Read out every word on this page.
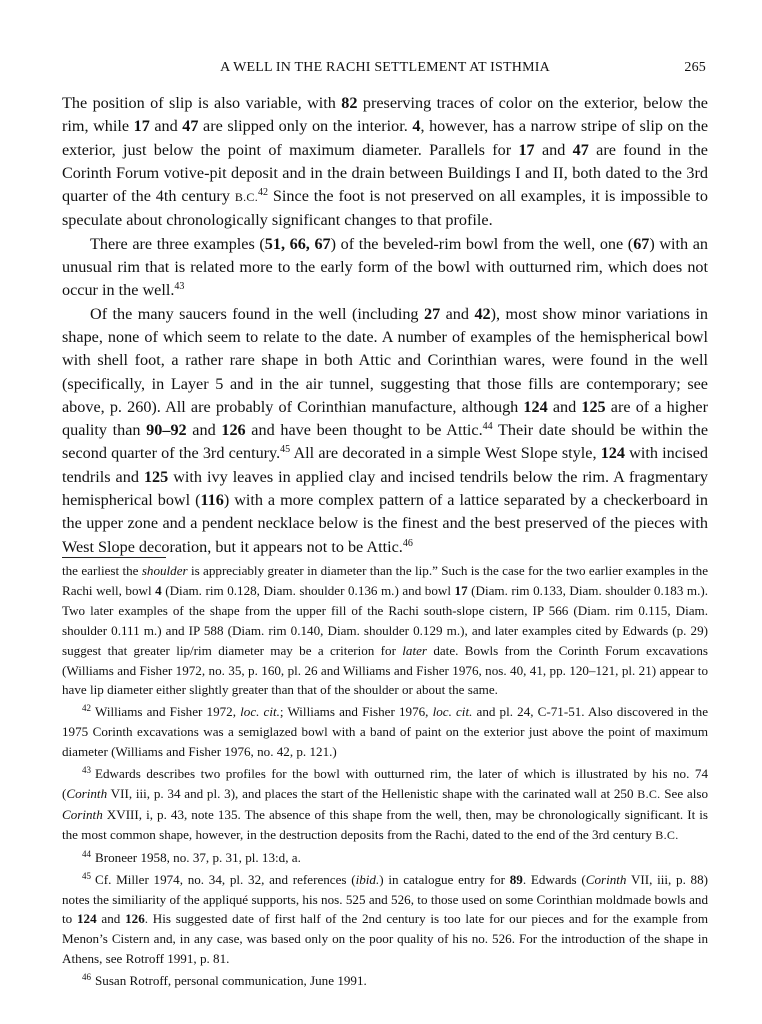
A WELL IN THE RACHI SETTLEMENT AT ISTHMIA	265

The position of slip is also variable, with 82 preserving traces of color on the exterior, below the rim, while 17 and 47 are slipped only on the interior. 4, however, has a narrow stripe of slip on the exterior, just below the point of maximum diameter. Parallels for 17 and 47 are found in the Corinth Forum votive-pit deposit and in the drain between Buildings I and II, both dated to the 3rd quarter of the 4th century B.C.$^{42}$ Since the foot is not preserved on all examples, it is impossible to speculate about chronologically significant changes to that profile.

There are three examples (51, 66, 67) of the beveled-rim bowl from the well, one (67) with an unusual rim that is related more to the early form of the bowl with outturned rim, which does not occur in the well.$^{43}$

Of the many saucers found in the well (including 27 and 42), most show minor variations in shape, none of which seem to relate to the date. A number of examples of the hemispherical bowl with shell foot, a rather rare shape in both Attic and Corinthian wares, were found in the well (specifically, in Layer 5 and in the air tunnel, suggesting that those fills are contemporary; see above, p. 260). All are probably of Corinthian manufacture, although 124 and 125 are of a higher quality than 90–92 and 126 and have been thought to be Attic.$^{44}$ Their date should be within the second quarter of the 3rd century.$^{45}$ All are decorated in a simple West Slope style, 124 with incised tendrils and 125 with ivy leaves in applied clay and incised tendrils below the rim. A fragmentary hemispherical bowl (116) with a more complex pattern of a lattice separated by a checkerboard in the upper zone and a pendent necklace below is the finest and the best preserved of the pieces with West Slope decoration, but it appears not to be Attic.$^{46}$

the earliest the shoulder is appreciably greater in diameter than the lip.” Such is the case for the two earlier examples in the Rachi well, bowl 4 (Diam. rim 0.128, Diam. shoulder 0.136 m.) and bowl 17 (Diam. rim 0.133, Diam. shoulder 0.183 m.). Two later examples of the shape from the upper fill of the Rachi south-slope cistern, IP 566 (Diam. rim 0.115, Diam. shoulder 0.111 m.) and IP 588 (Diam. rim 0.140, Diam. shoulder 0.129 m.), and later examples cited by Edwards (p. 29) suggest that greater lip/rim diameter may be a criterion for later date. Bowls from the Corinth Forum excavations (Williams and Fisher 1972, no. 35, p. 160, pl. 26 and Williams and Fisher 1976, nos. 40, 41, pp. 120–121, pl. 21) appear to have lip diameter either slightly greater than that of the shoulder or about the same.

$^{42}$ Williams and Fisher 1972, loc. cit.; Williams and Fisher 1976, loc. cit. and pl. 24, C-71-51. Also discovered in the 1975 Corinth excavations was a semiglazed bowl with a band of paint on the exterior just above the point of maximum diameter (Williams and Fisher 1976, no. 42, p. 121.)

$^{43}$ Edwards describes two profiles for the bowl with outturned rim, the later of which is illustrated by his no. 74 (Corinth VII, iii, p. 34 and pl. 3), and places the start of the Hellenistic shape with the carinated wall at 250 B.C. See also Corinth XVIII, i, p. 43, note 135. The absence of this shape from the well, then, may be chronologically significant. It is the most common shape, however, in the destruction deposits from the Rachi, dated to the end of the 3rd century B.C.

$^{44}$ Broneer 1958, no. 37, p. 31, pl. 13:d, a.

$^{45}$ Cf. Miller 1974, no. 34, pl. 32, and references (ibid.) in catalogue entry for 89. Edwards (Corinth VII, iii, p. 88) notes the similiarity of the appliqué supports, his nos. 525 and 526, to those used on some Corinthian moldmade bowls and to 124 and 126. His suggested date of first half of the 2nd century is too late for our pieces and for the example from Menon’s Cistern and, in any case, was based only on the poor quality of his no. 526. For the introduction of the shape in Athens, see Rotroff 1991, p. 81.

$^{46}$ Susan Rotroff, personal communication, June 1991.
